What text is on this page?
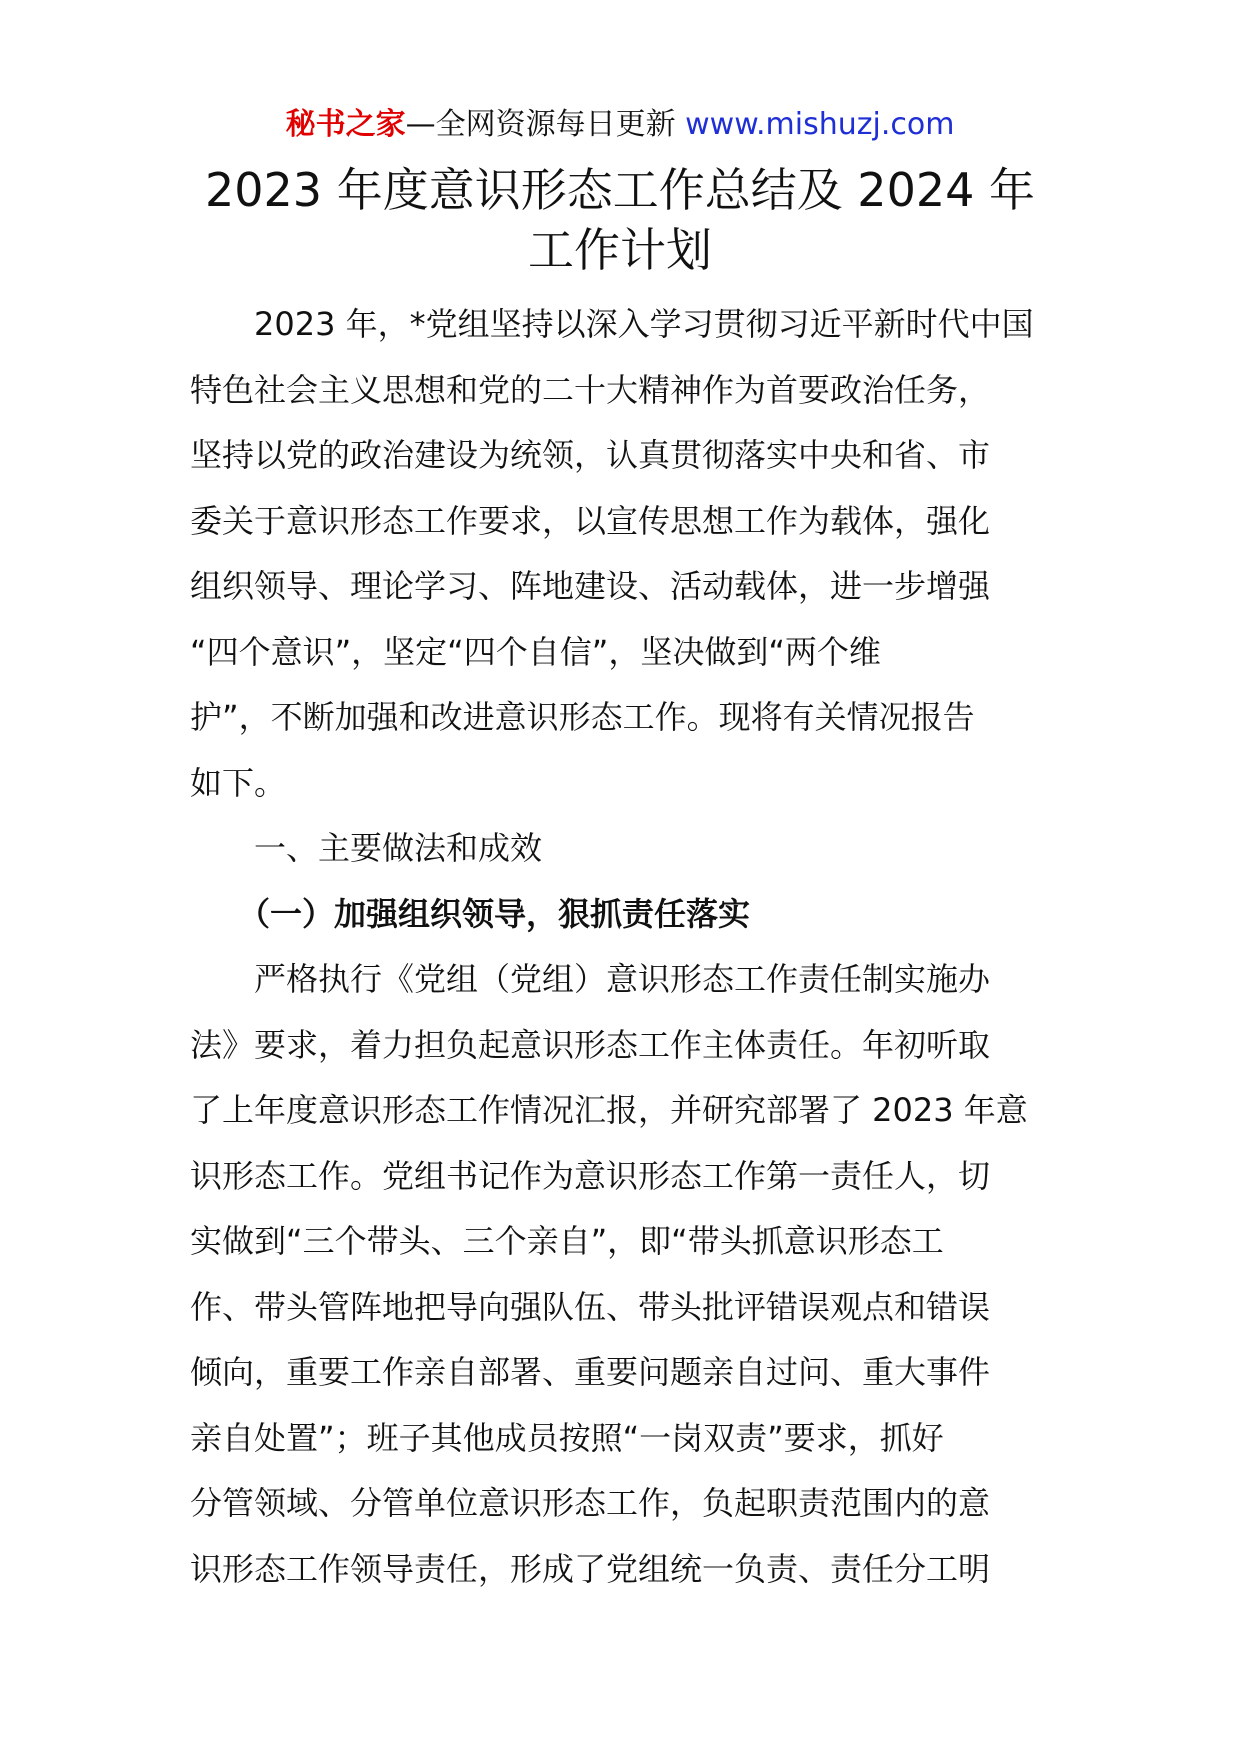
秘书之家—全网资源每日更新 www.mishuzj.com
2023 年度意识形态工作总结及 2024 年
工作计划
2023 年，*党组坚持以深入学习贯彻习近平新时代中国
特色社会主义思想和党的二十大精神作为首要政治任务，
坚持以党的政治建设为统领，认真贯彻落实中央和省、市
委关于意识形态工作要求，以宣传思想工作为载体，强化
组织领导、理论学习、阵地建设、活动载体，进一步增强
“四个意识”，坚定“四个自信”，坚决做到“两个维
护”，不断加强和改进意识形态工作。现将有关情况报告
如下。
一、主要做法和成效
（一）加强组织领导，狠抓责任落实
严格执行《党组（党组）意识形态工作责任制实施办
法》要求，着力担负起意识形态工作主体责任。年初听取
了上年度意识形态工作情况汇报，并研究部署了 2023 年意
识形态工作。党组书记作为意识形态工作第一责任人，切
实做到“三个带头、三个亲自”，即“带头抓意识形态工
作、带头管阵地把导向强队伍、带头批评错误观点和错误
倾向，重要工作亲自部署、重要问题亲自过问、重大事件
亲自处置”；班子其他成员按照“一岗双责”要求，抓好
分管领域、分管单位意识形态工作，负起职责范围内的意
识形态工作领导责任，形成了党组统一负责、责任分工明
